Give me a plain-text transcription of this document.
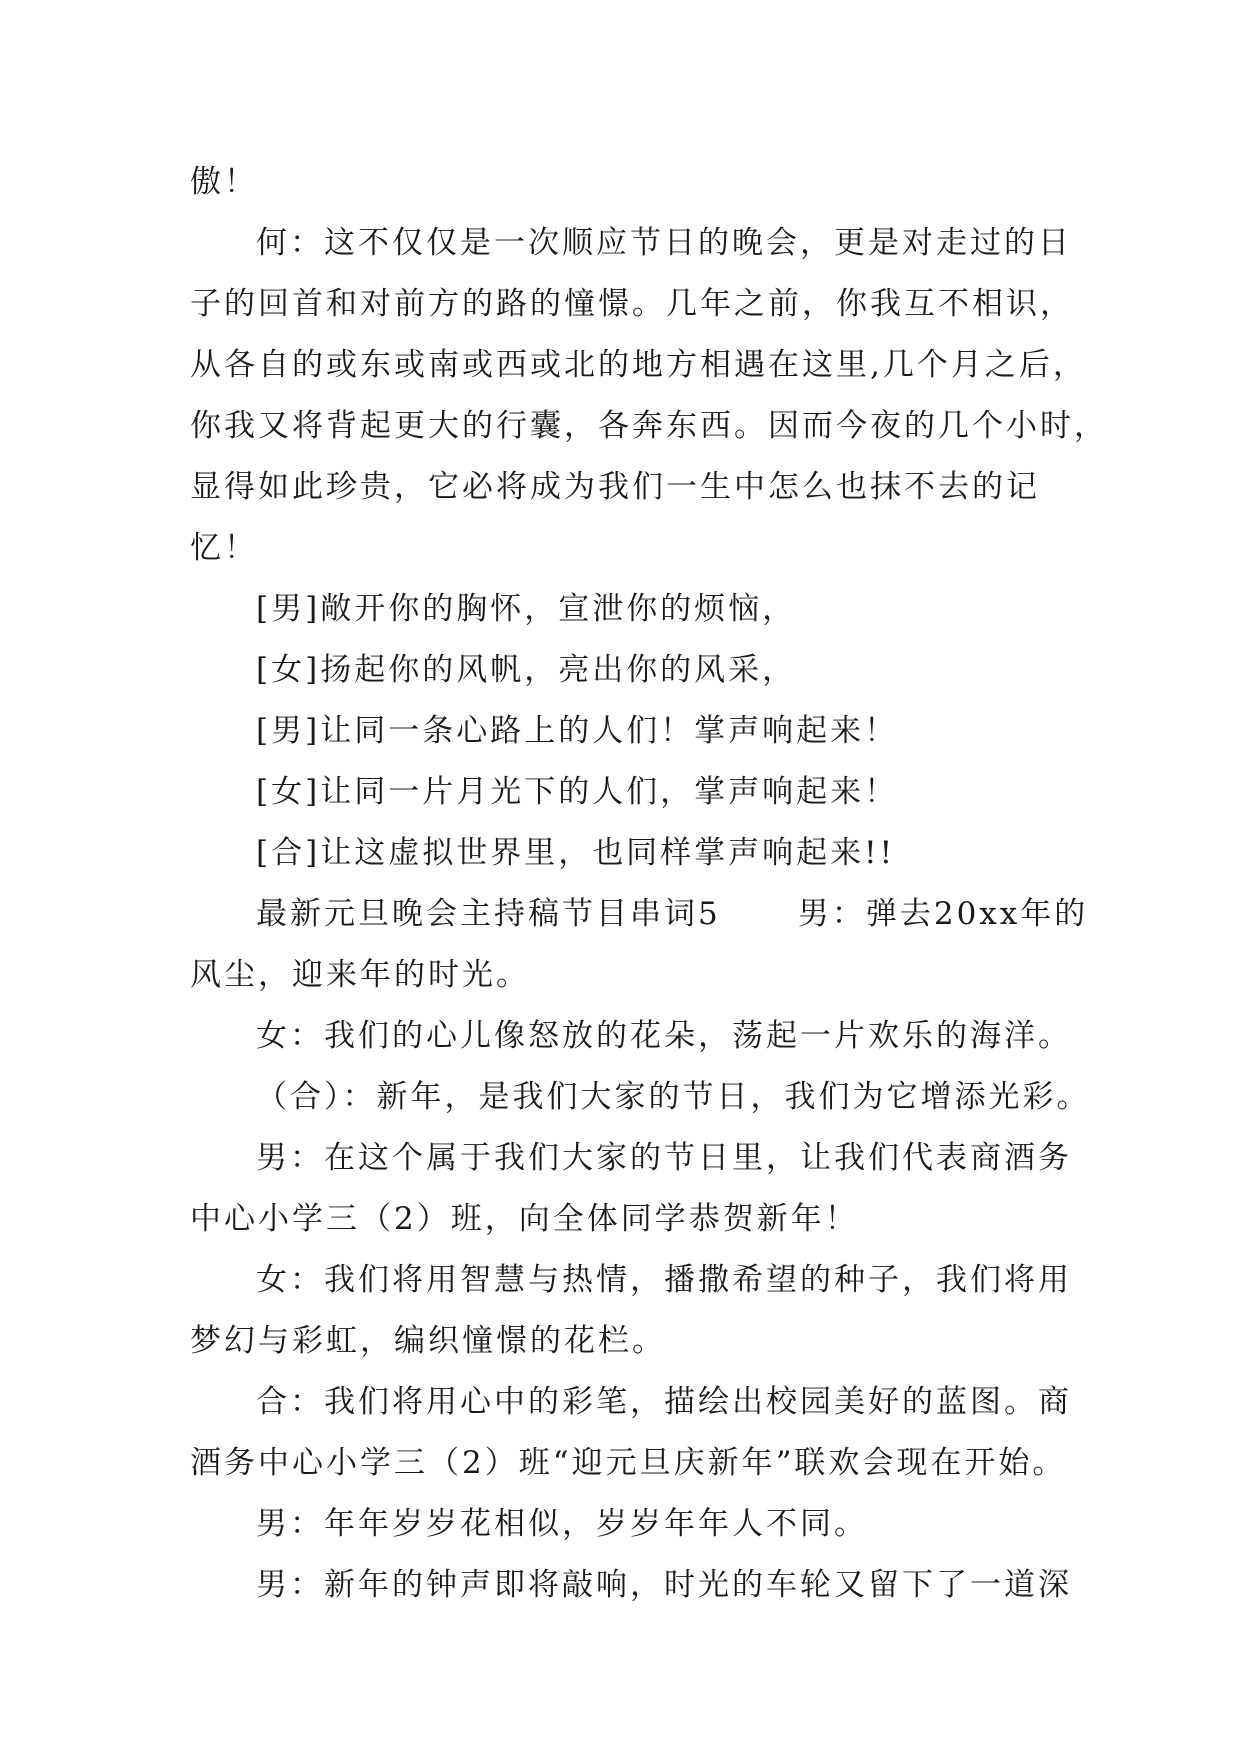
傲！
何：这不仅仅是一次顺应节日的晚会，更是对走过的日
子的回首和对前方的路的憧憬。几年之前，你我互不相识，
从各自的或东或南或西或北的地方相遇在这里,几个月之后，
你我又将背起更大的行囊，各奔东西。因而今夜的几个小时，
显得如此珍贵，它必将成为我们一生中怎么也抹不去的记
忆！
[男]敞开你的胸怀，宣泄你的烦恼，
[女]扬起你的风帆，亮出你的风采，
[男]让同一条心路上的人们！掌声响起来！
[女]让同一片月光下的人们，掌声响起来！
[合]让这虚拟世界里，也同样掌声响起来!!
最新元旦晚会主持稿节目串词5      男：弹去20xx年的
风尘，迎来年的时光。
女：我们的心儿像怒放的花朵，荡起一片欢乐的海洋。
（合）：新年，是我们大家的节日，我们为它增添光彩。
男：在这个属于我们大家的节日里，让我们代表商酒务
中心小学三（2）班，向全体同学恭贺新年！
女：我们将用智慧与热情，播撒希望的种子，我们将用
梦幻与彩虹，编织憧憬的花栏。
合：我们将用心中的彩笔，描绘出校园美好的蓝图。商
酒务中心小学三（2）班“迎元旦庆新年”联欢会现在开始。
男：年年岁岁花相似，岁岁年年人不同。
男：新年的钟声即将敲响，时光的车轮又留下了一道深
